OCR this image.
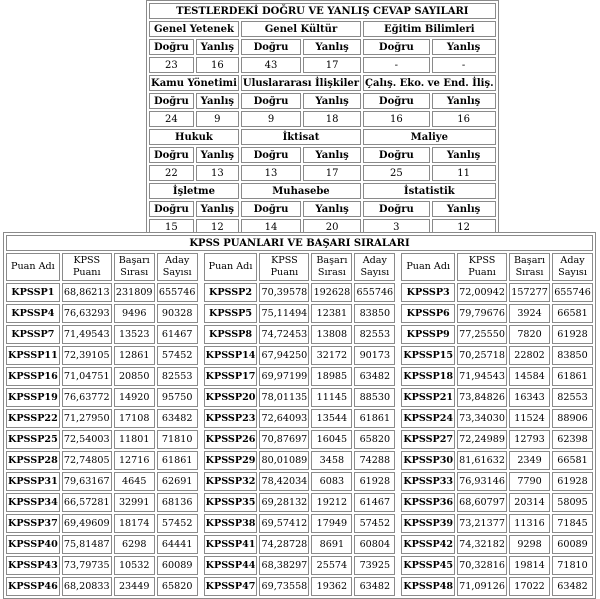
TESTLERDEKİ DOĞRU VE YANLIŞ CEVAP SAYILARI					
Genel Yetenek		Genel Kültür		Eğitim Bilimleri	
Doğru	Yanlış	Doğru	Yanlış	Doğru	Yanlış
23	16	43	17	-	-
Kamu Yönetimi		Uluslararası İlişkiler		Çalış. Eko. ve End. İliş.	
Doğru	Yanlış	Doğru	Yanlış	Doğru	Yanlış
24	9	9	18	16	16
Hukuk		İktisat		Maliye	
Doğru	Yanlış	Doğru	Yanlış	Doğru	Yanlış
22	13	13	17	25	11
İşletme		Muhasebe		İstatistik	
Doğru	Yanlış	Doğru	Yanlış	Doğru	Yanlış
15	12	14	20	3	12
KPSS PUANLARI VE BAŞARI SIRALARI													
Puan Adı	KPSS Puanı	Başarı Sırası	Aday Sayısı		Puan Adı	KPSS Puanı	Başarı Sırası	Aday Sayısı		Puan Adı	KPSS Puanı	Başarı Sırası	Aday Sayısı
KPSSP1	68,86213	231809	655746		KPSSP2	70,39578	192628	655746		KPSSP3	72,00942	157277	655746
KPSSP4	76,63293	9496	90328		KPSSP5	75,11494	12381	83850		KPSSP6	79,79676	3924	66581
KPSSP7	71,49543	13523	61467		KPSSP8	74,72453	13808	82553		KPSSP9	77,25550	7820	61928
KPSSP11	72,39105	12861	57452		KPSSP14	67,94250	32172	90173		KPSSP15	70,25718	22802	83850
KPSSP16	71,04751	20850	82553		KPSSP17	69,97199	18985	63482		KPSSP18	71,94543	14584	61861
KPSSP19	76,63772	14920	95750		KPSSP20	78,01135	11145	88530		KPSSP21	73,84826	16343	82553
KPSSP22	71,27950	17108	63482		KPSSP23	72,64093	13544	61861		KPSSP24	73,34030	11524	88906
KPSSP25	72,54003	11801	71810		KPSSP26	70,87697	16045	65820		KPSSP27	72,24989	12793	62398
KPSSP28	72,74805	12716	61861		KPSSP29	80,01089	3458	74288		KPSSP30	81,61632	2349	66581
KPSSP31	79,63167	4645	62691		KPSSP32	78,42034	6083	61928		KPSSP33	76,93146	7790	61928
KPSSP34	66,57281	32991	68136		KPSSP35	69,28132	19212	61467		KPSSP36	68,60797	20314	58095
KPSSP37	69,49609	18174	57452		KPSSP38	69,57412	17949	57452		KPSSP39	73,21377	11316	71845
KPSSP40	75,81487	6298	64441		KPSSP41	74,28728	8691	60804		KPSSP42	74,32182	9298	60089
KPSSP43	73,79735	10532	60089		KPSSP44	68,38297	25574	73925		KPSSP45	70,32816	19814	71810
KPSSP46	68,20833	23449	65820		KPSSP47	69,73558	19362	63482		KPSSP48	71,09126	17022	63482
